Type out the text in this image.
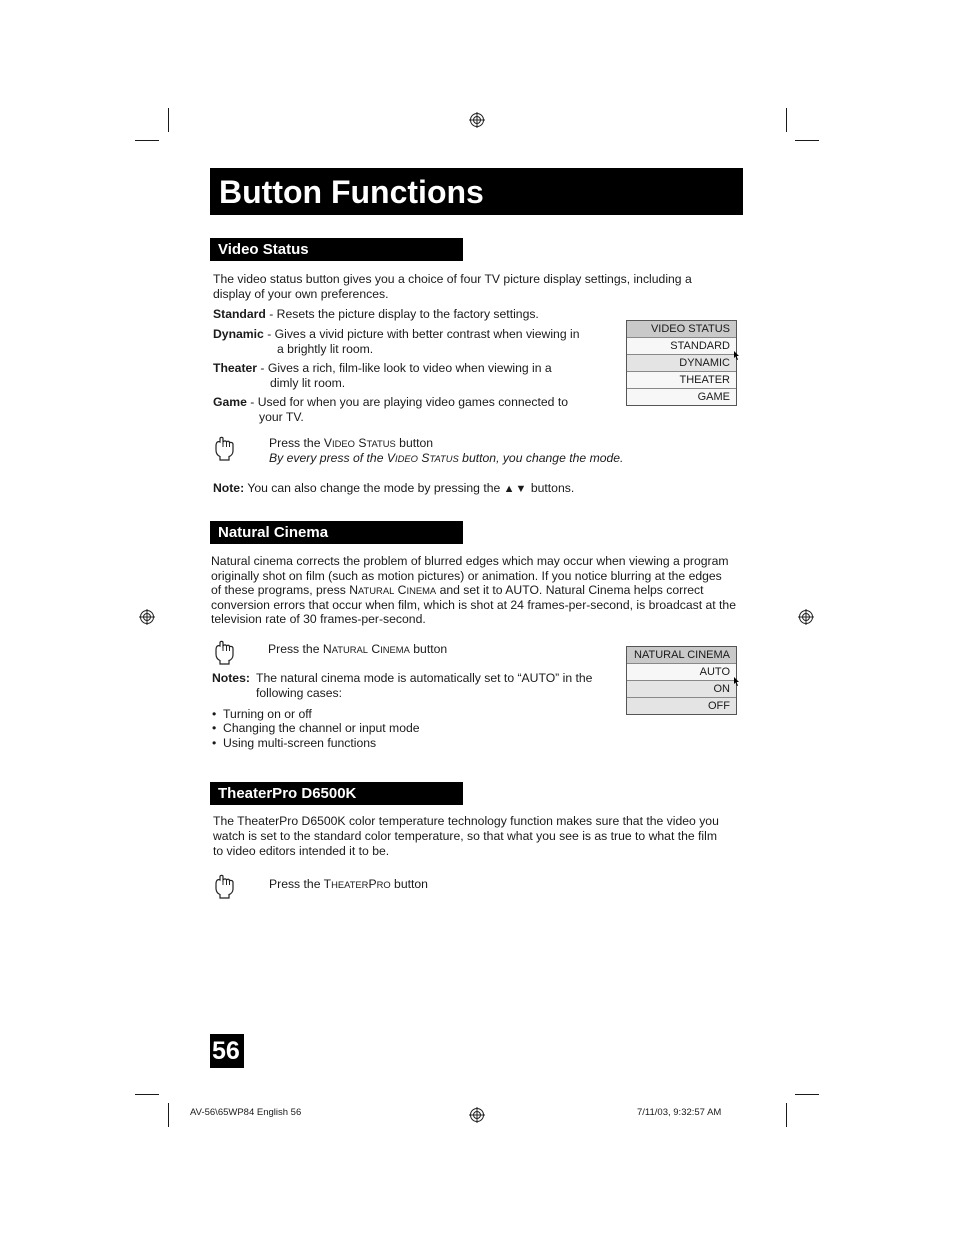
Button Functions
Video Status
The video status button gives you a choice of four TV picture display settings, including a
display of your own preferences.
Standard - Resets the picture display to the factory settings.
Dynamic - Gives a vivid picture with better contrast when viewing in
a brightly lit room.
Theater - Gives a rich, film-like look to video when viewing in a
dimly lit room.
Game - Used for when you are playing video games connected to
your TV.
VIDEO STATUS
STANDARD
DYNAMIC
THEATER
GAME
Press the VIDEO STATUS button
By every press of the VIDEO STATUS button, you change the mode.
Note: You can also change the mode by pressing the ▲▼ buttons.
Natural Cinema
Natural cinema corrects the problem of blurred edges which may occur when viewing a program
originally shot on film (such as motion pictures) or animation. If you notice blurring at the edges
of these programs, press NATURAL CINEMA and set it to AUTO. Natural Cinema helps correct
conversion errors that occur when film, which is shot at 24 frames-per-second, is broadcast at the
television rate of 30 frames-per-second.
Press the NATURAL CINEMA button
Notes: The natural cinema mode is automatically set to “AUTO” in the
following cases:
•  Turning on or off
•  Changing the channel or input mode
•  Using multi-screen functions
NATURAL CINEMA
AUTO
ON
OFF
TheaterPro D6500K
The TheaterPro D6500K color temperature technology function makes sure that the video you
watch is set to the standard color temperature, so that what you see is as true to what the film
to video editors intended it to be.
Press the THEATERPRO button
56
AV-56\65WP84 English 56	7/11/03, 9:32:57 AM
